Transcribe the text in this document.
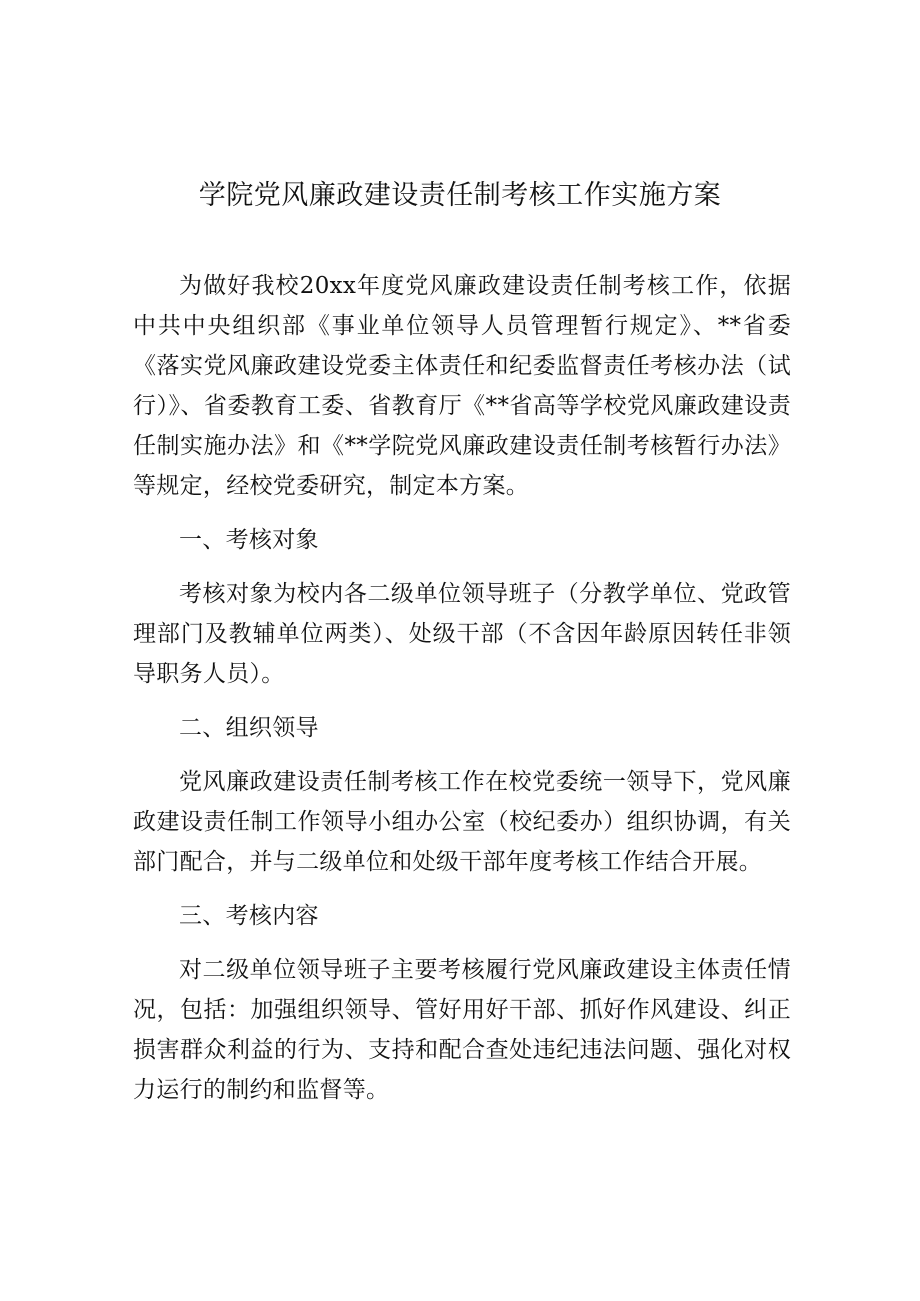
学院党风廉政建设责任制考核工作实施方案

为做好我校20xx年度党风廉政建设责任制考核工作，依据中共中央组织部《事业单位领导人员管理暂行规定》、**省委《落实党风廉政建设党委主体责任和纪委监督责任考核办法（试行）》、省委教育工委、省教育厅《**省高等学校党风廉政建设责任制实施办法》和《**学院党风廉政建设责任制考核暂行办法》等规定，经校党委研究，制定本方案。

一、考核对象

考核对象为校内各二级单位领导班子（分教学单位、党政管理部门及教辅单位两类）、处级干部（不含因年龄原因转任非领导职务人员）。

二、组织领导

党风廉政建设责任制考核工作在校党委统一领导下，党风廉政建设责任制工作领导小组办公室（校纪委办）组织协调，有关部门配合，并与二级单位和处级干部年度考核工作结合开展。

三、考核内容

对二级单位领导班子主要考核履行党风廉政建设主体责任情况，包括：加强组织领导、管好用好干部、抓好作风建设、纠正损害群众利益的行为、支持和配合查处违纪违法问题、强化对权力运行的制约和监督等。
